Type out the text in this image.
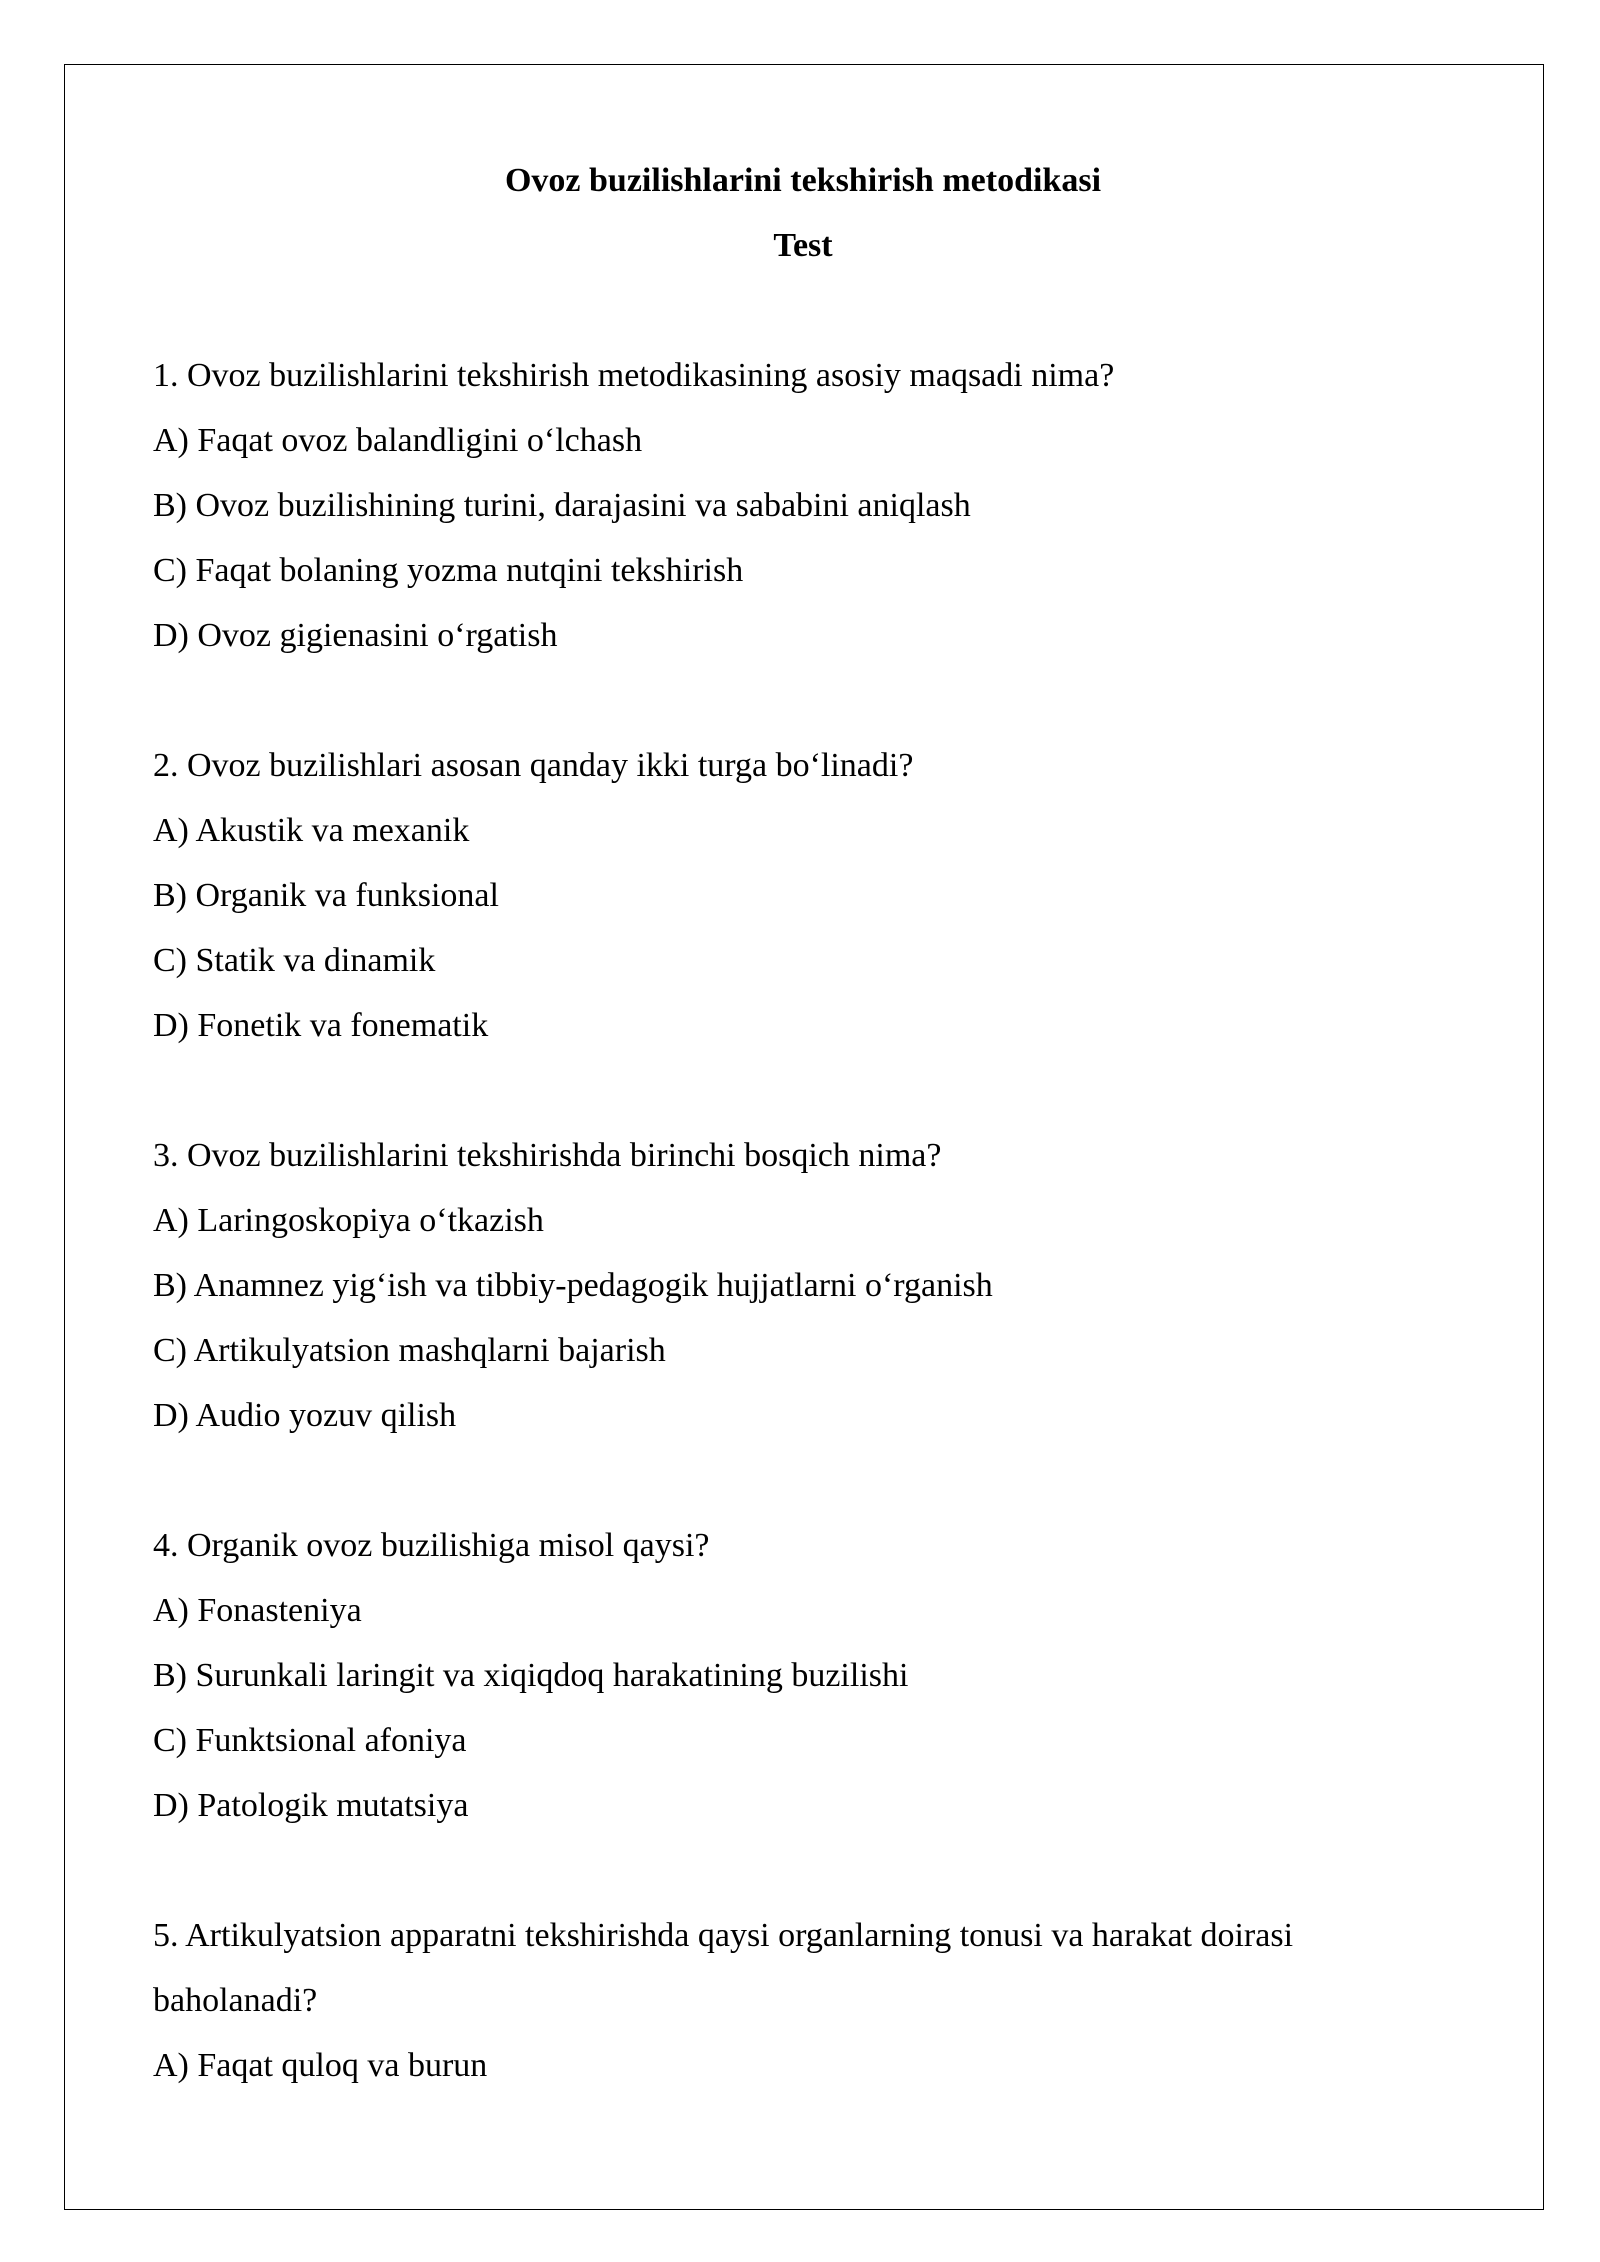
Ovoz buzilishlarini tekshirish metodikasi
Test
1. Ovoz buzilishlarini tekshirish metodikasining asosiy maqsadi nima?
A) Faqat ovoz balandligini o‘lchash
B) Ovoz buzilishining turini, darajasini va sababini aniqlash
C) Faqat bolaning yozma nutqini tekshirish
D) Ovoz gigienasini o‘rgatish
2. Ovoz buzilishlari asosan qanday ikki turga bo‘linadi?
A) Akustik va mexanik
B) Organik va funksional
C) Statik va dinamik
D) Fonetik va fonematik
3. Ovoz buzilishlarini tekshirishda birinchi bosqich nima?
A) Laringoskopiya o‘tkazish
B) Anamnez yig‘ish va tibbiy-pedagogik hujjatlarni o‘rganish
C) Artikulyatsion mashqlarni bajarish
D) Audio yozuv qilish
4. Organik ovoz buzilishiga misol qaysi?
A) Fonasteniya
B) Surunkali laringit va xiqiqdoq harakatining buzilishi
C) Funktsional afoniya
D) Patologik mutatsiya
5. Artikulyatsion apparatni tekshirishda qaysi organlarning tonusi va harakat doirasi baholanadi?
A) Faqat quloq va burun
